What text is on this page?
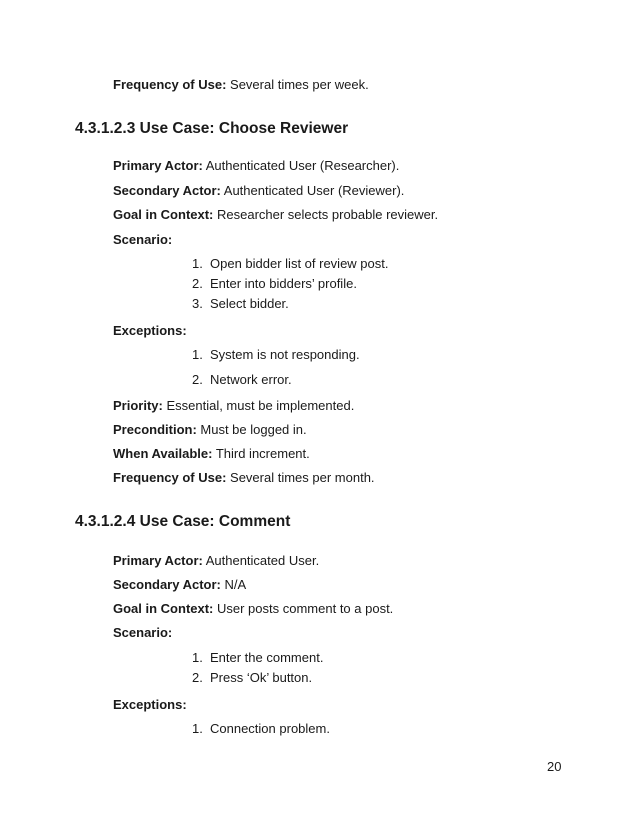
Frequency of Use: Several times per week.
4.3.1.2.3 Use Case: Choose Reviewer
Primary Actor: Authenticated User (Researcher).
Secondary Actor: Authenticated User (Reviewer).
Goal in Context: Researcher selects probable reviewer.
Scenario:
1. Open bidder list of review post.
2. Enter into bidders’ profile.
3. Select bidder.
Exceptions:
1. System is not responding.
2. Network error.
Priority: Essential, must be implemented.
Precondition: Must be logged in.
When Available: Third increment.
Frequency of Use: Several times per month.
4.3.1.2.4 Use Case: Comment
Primary Actor: Authenticated User.
Secondary Actor: N/A
Goal in Context: User posts comment to a post.
Scenario:
1. Enter the comment.
2. Press ‘Ok’ button.
Exceptions:
1. Connection problem.
20
